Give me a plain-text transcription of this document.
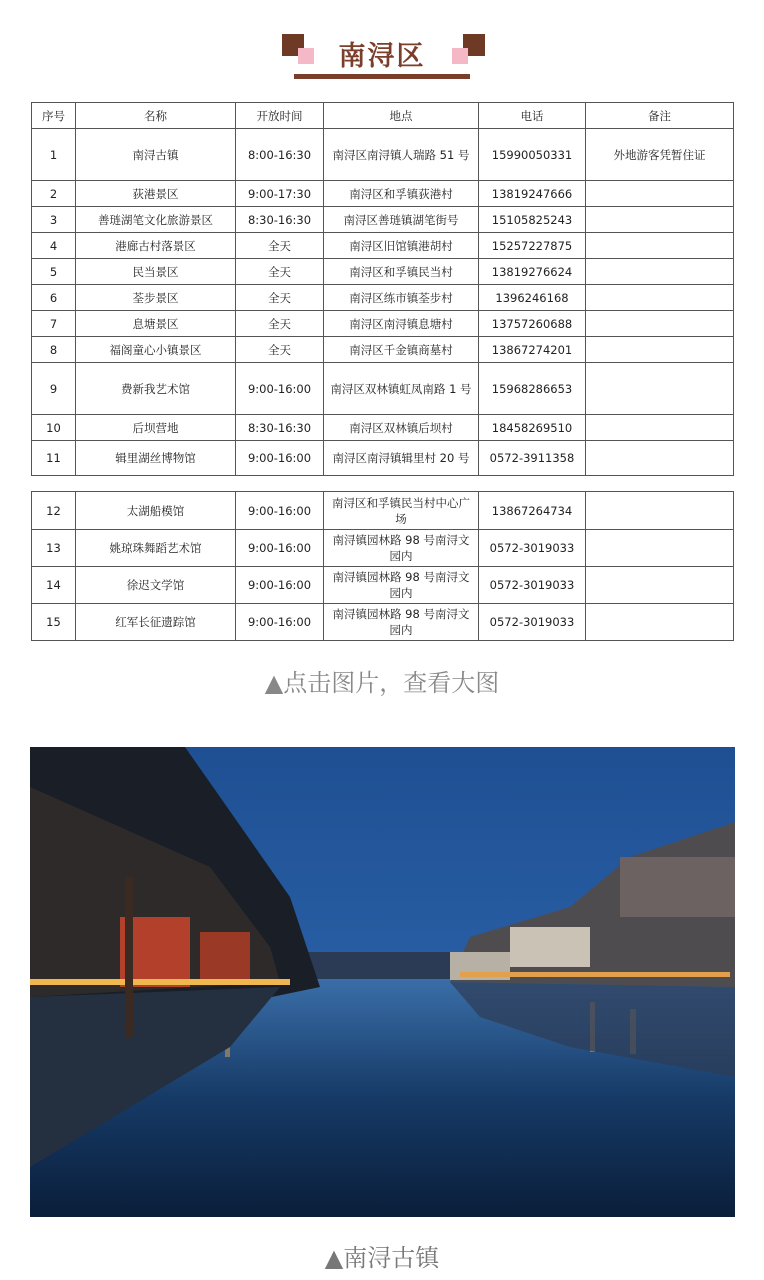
南浔区
序号	名称	开放时间	地点	电话	备注
1	南浔古镇	8:00-16:30	南浔区南浔镇人瑞路 51 号	15990050331	外地游客凭暂住证
2	荻港景区	9:00-17:30	南浔区和孚镇荻港村	13819247666	
3	善琏湖笔文化旅游景区	8:30-16:30	南浔区善琏镇湖笔街号	15105825243	
4	港廊古村落景区	全天	南浔区旧馆镇港胡村	15257227875	
5	民当景区	全天	南浔区和孚镇民当村	13819276624	
6	荃步景区	全天	南浔区练市镇荃步村	1396246168	
7	息塘景区	全天	南浔区南浔镇息塘村	13757260688	
8	福阁童心小镇景区	全天	南浔区千金镇商墓村	13867274201	
9	费新我艺术馆	9:00-16:00	南浔区双林镇虹凤南路 1 号	15968286653	
10	后坝营地	8:30-16:30	南浔区双林镇后坝村	18458269510	
11	辑里湖丝博物馆	9:00-16:00	南浔区南浔镇辑里村 20 号	0572-3911358	
12	太湖船模馆	9:00-16:00	南浔区和孚镇民当村中心广场	13867264734	
13	姚琼珠舞蹈艺术馆	9:00-16:00	南浔镇园林路 98 号南浔文园内	0572-3019033	
14	徐迟文学馆	9:00-16:00	南浔镇园林路 98 号南浔文园内	0572-3019033	
15	红军长征遗踪馆	9:00-16:00	南浔镇园林路 98 号南浔文园内	0572-3019033	
▲点击图片，查看大图
▲南浔古镇
